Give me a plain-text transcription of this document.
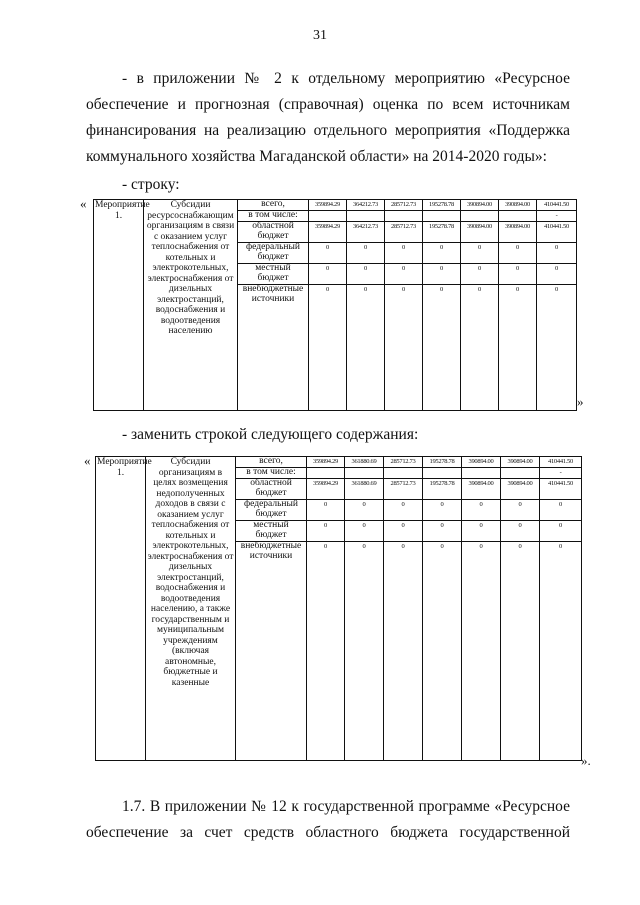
31
- в приложении № 2 к отдельному мероприятию «Ресурсное
обеспечение и прогнозная (справочная) оценка по всем источникам
финансирования на реализацию отдельного мероприятия «Поддержка
коммунального хозяйства Магаданской области» на 2014-2020 годы»:
- строку:
« Мероприятие 1.	Субсидии ресурсоснабжающим организациям в связи с оказанием услуг теплоснабжения от котельных и электрокотельных, электроснабжения от дизельных электростанций, водоснабжения и водоотведения населению	всего,	359894.29	364212.73	285712.73	195278.78	390894.00	390894.00	410441.50
		в том числе:							-
		областной бюджет	359894.29	364212.73	285712.73	195278.78	390894.00	390894.00	410441.50
		федеральный бюджет	0	0	0	0	0	0	0
		местный бюджет	0	0	0	0	0	0	0
		внебюджетные источники	0	0	0	0	0	0	0
»
- заменить строкой следующего содержания:
« Мероприятие 1.	Субсидии организациям в целях возмещения недополученных доходов в связи с оказанием услуг теплоснабжения от котельных и электрокотельных, электроснабжения от дизельных электростанций, водоснабжения и водоотведения населению, а также государственным и муниципальным учреждениям (включая автономные, бюджетные и казенные	всего,	359894.29	361880.69	285712.73	195278.78	390894.00	390894.00	410441.50
		в том числе:							-
		областной бюджет	359894.29	361880.69	285712.73	195278.78	390894.00	390894.00	410441.50
		федеральный бюджет	0	0	0	0	0	0	0
		местный бюджет	0	0	0	0	0	0	0
		внебюджетные источники	0	0	0	0	0	0	0
».
1.7. В приложении № 12 к государственной программе «Ресурсное
обеспечение за счет средств областного бюджета государственной
